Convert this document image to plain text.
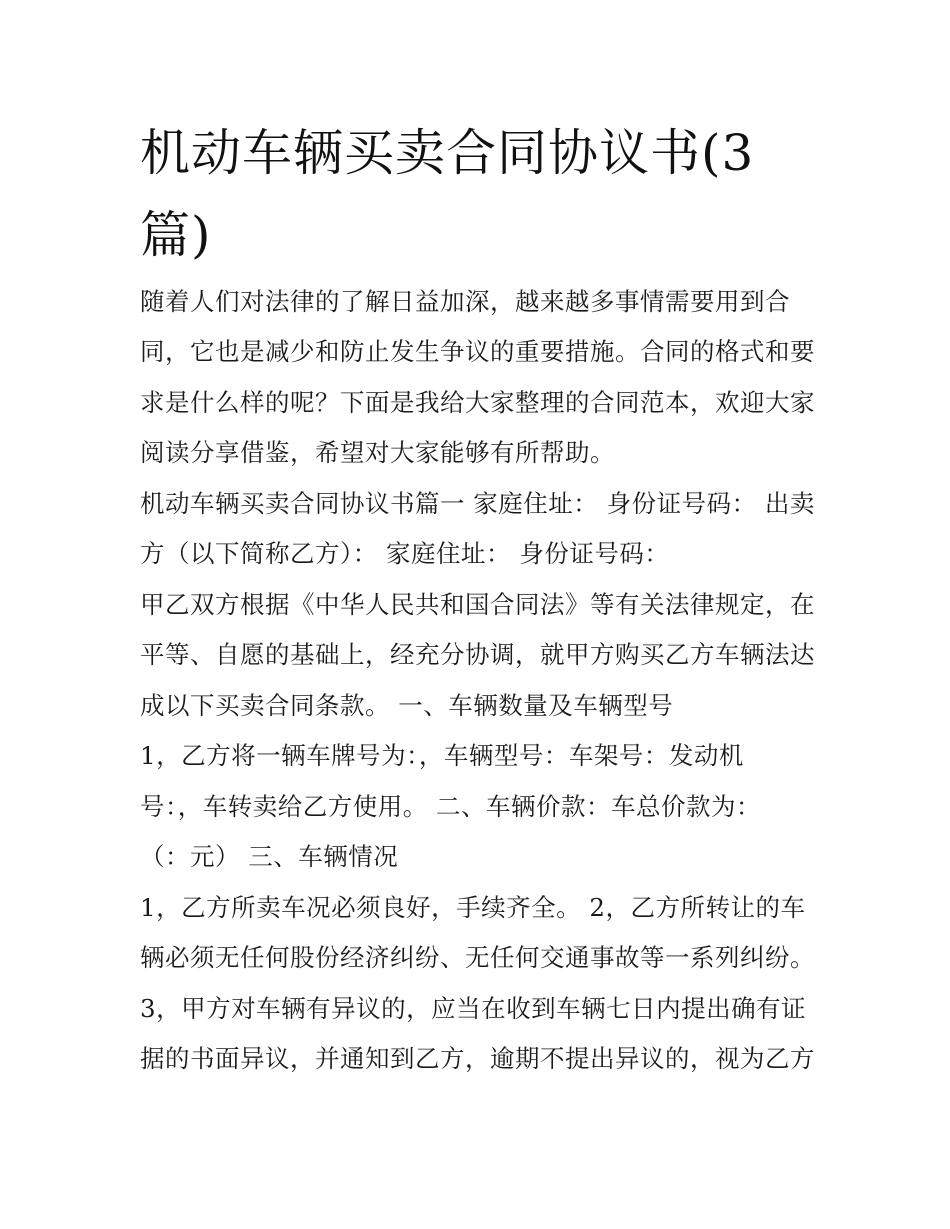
机动车辆买卖合同协议书(3
篇)
随着人们对法律的了解日益加深，越来越多事情需要用到合
同，它也是减少和防止发生争议的重要措施。合同的格式和要
求是什么样的呢？下面是我给大家整理的合同范本，欢迎大家
阅读分享借鉴，希望对大家能够有所帮助。
机动车辆买卖合同协议书篇一 家庭住址： 身份证号码： 出卖
方（以下简称乙方）： 家庭住址： 身份证号码：
甲乙双方根据《中华人民共和国合同法》等有关法律规定，在
平等、自愿的基础上，经充分协调，就甲方购买乙方车辆法达
成以下买卖合同条款。 一、车辆数量及车辆型号
1，乙方将一辆车牌号为：，车辆型号：车架号：发动机
号：，车转卖给乙方使用。 二、车辆价款：车总价款为：
（：元） 三、车辆情况
1，乙方所卖车况必须良好，手续齐全。 2，乙方所转让的车
辆必须无任何股份经济纠纷、无任何交通事故等一系列纠纷。
3，甲方对车辆有异议的，应当在收到车辆七日内提出确有证
据的书面异议，并通知到乙方，逾期不提出异议的，视为乙方
